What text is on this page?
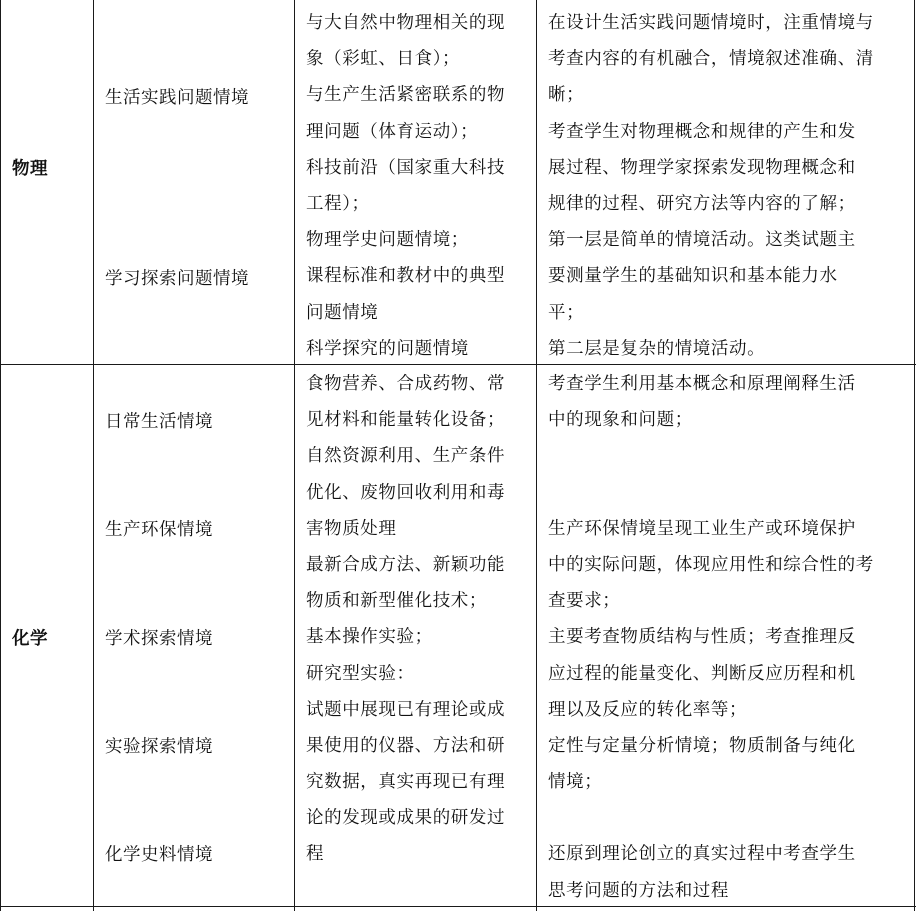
物理
生活实践问题情境
学习探索问题情境
与大自然中物理相关的现
象（彩虹、日食）；
与生产生活紧密联系的物
理问题（体育运动）；
科技前沿（国家重大科技
工程）；
物理学史问题情境；
课程标准和教材中的典型
问题情境
科学探究的问题情境
在设计生活实践问题情境时，注重情境与
考查内容的有机融合，情境叙述准确、清
晰；
考查学生对物理概念和规律的产生和发
展过程、物理学家探索发现物理概念和
规律的过程、研究方法等内容的了解；
第一层是简单的情境活动。这类试题主
要测量学生的基础知识和基本能力水
平；
第二层是复杂的情境活动。
化学
日常生活情境
生产环保情境
学术探索情境
实验探索情境
化学史料情境
食物营养、合成药物、常
见材料和能量转化设备；
自然资源利用、生产条件
优化、废物回收利用和毒
害物质处理
最新合成方法、新颖功能
物质和新型催化技术；
基本操作实验；
研究型实验：
试题中展现已有理论或成
果使用的仪器、方法和研
究数据，真实再现已有理
论的发现或成果的研发过
程
考查学生利用基本概念和原理阐释生活
中的现象和问题；
生产环保情境呈现工业生产或环境保护
中的实际问题，体现应用性和综合性的考
查要求；
主要考查物质结构与性质；考查推理反
应过程的能量变化、判断反应历程和机
理以及反应的转化率等；
定性与定量分析情境；物质制备与纯化
情境；
还原到理论创立的真实过程中考查学生
思考问题的方法和过程
